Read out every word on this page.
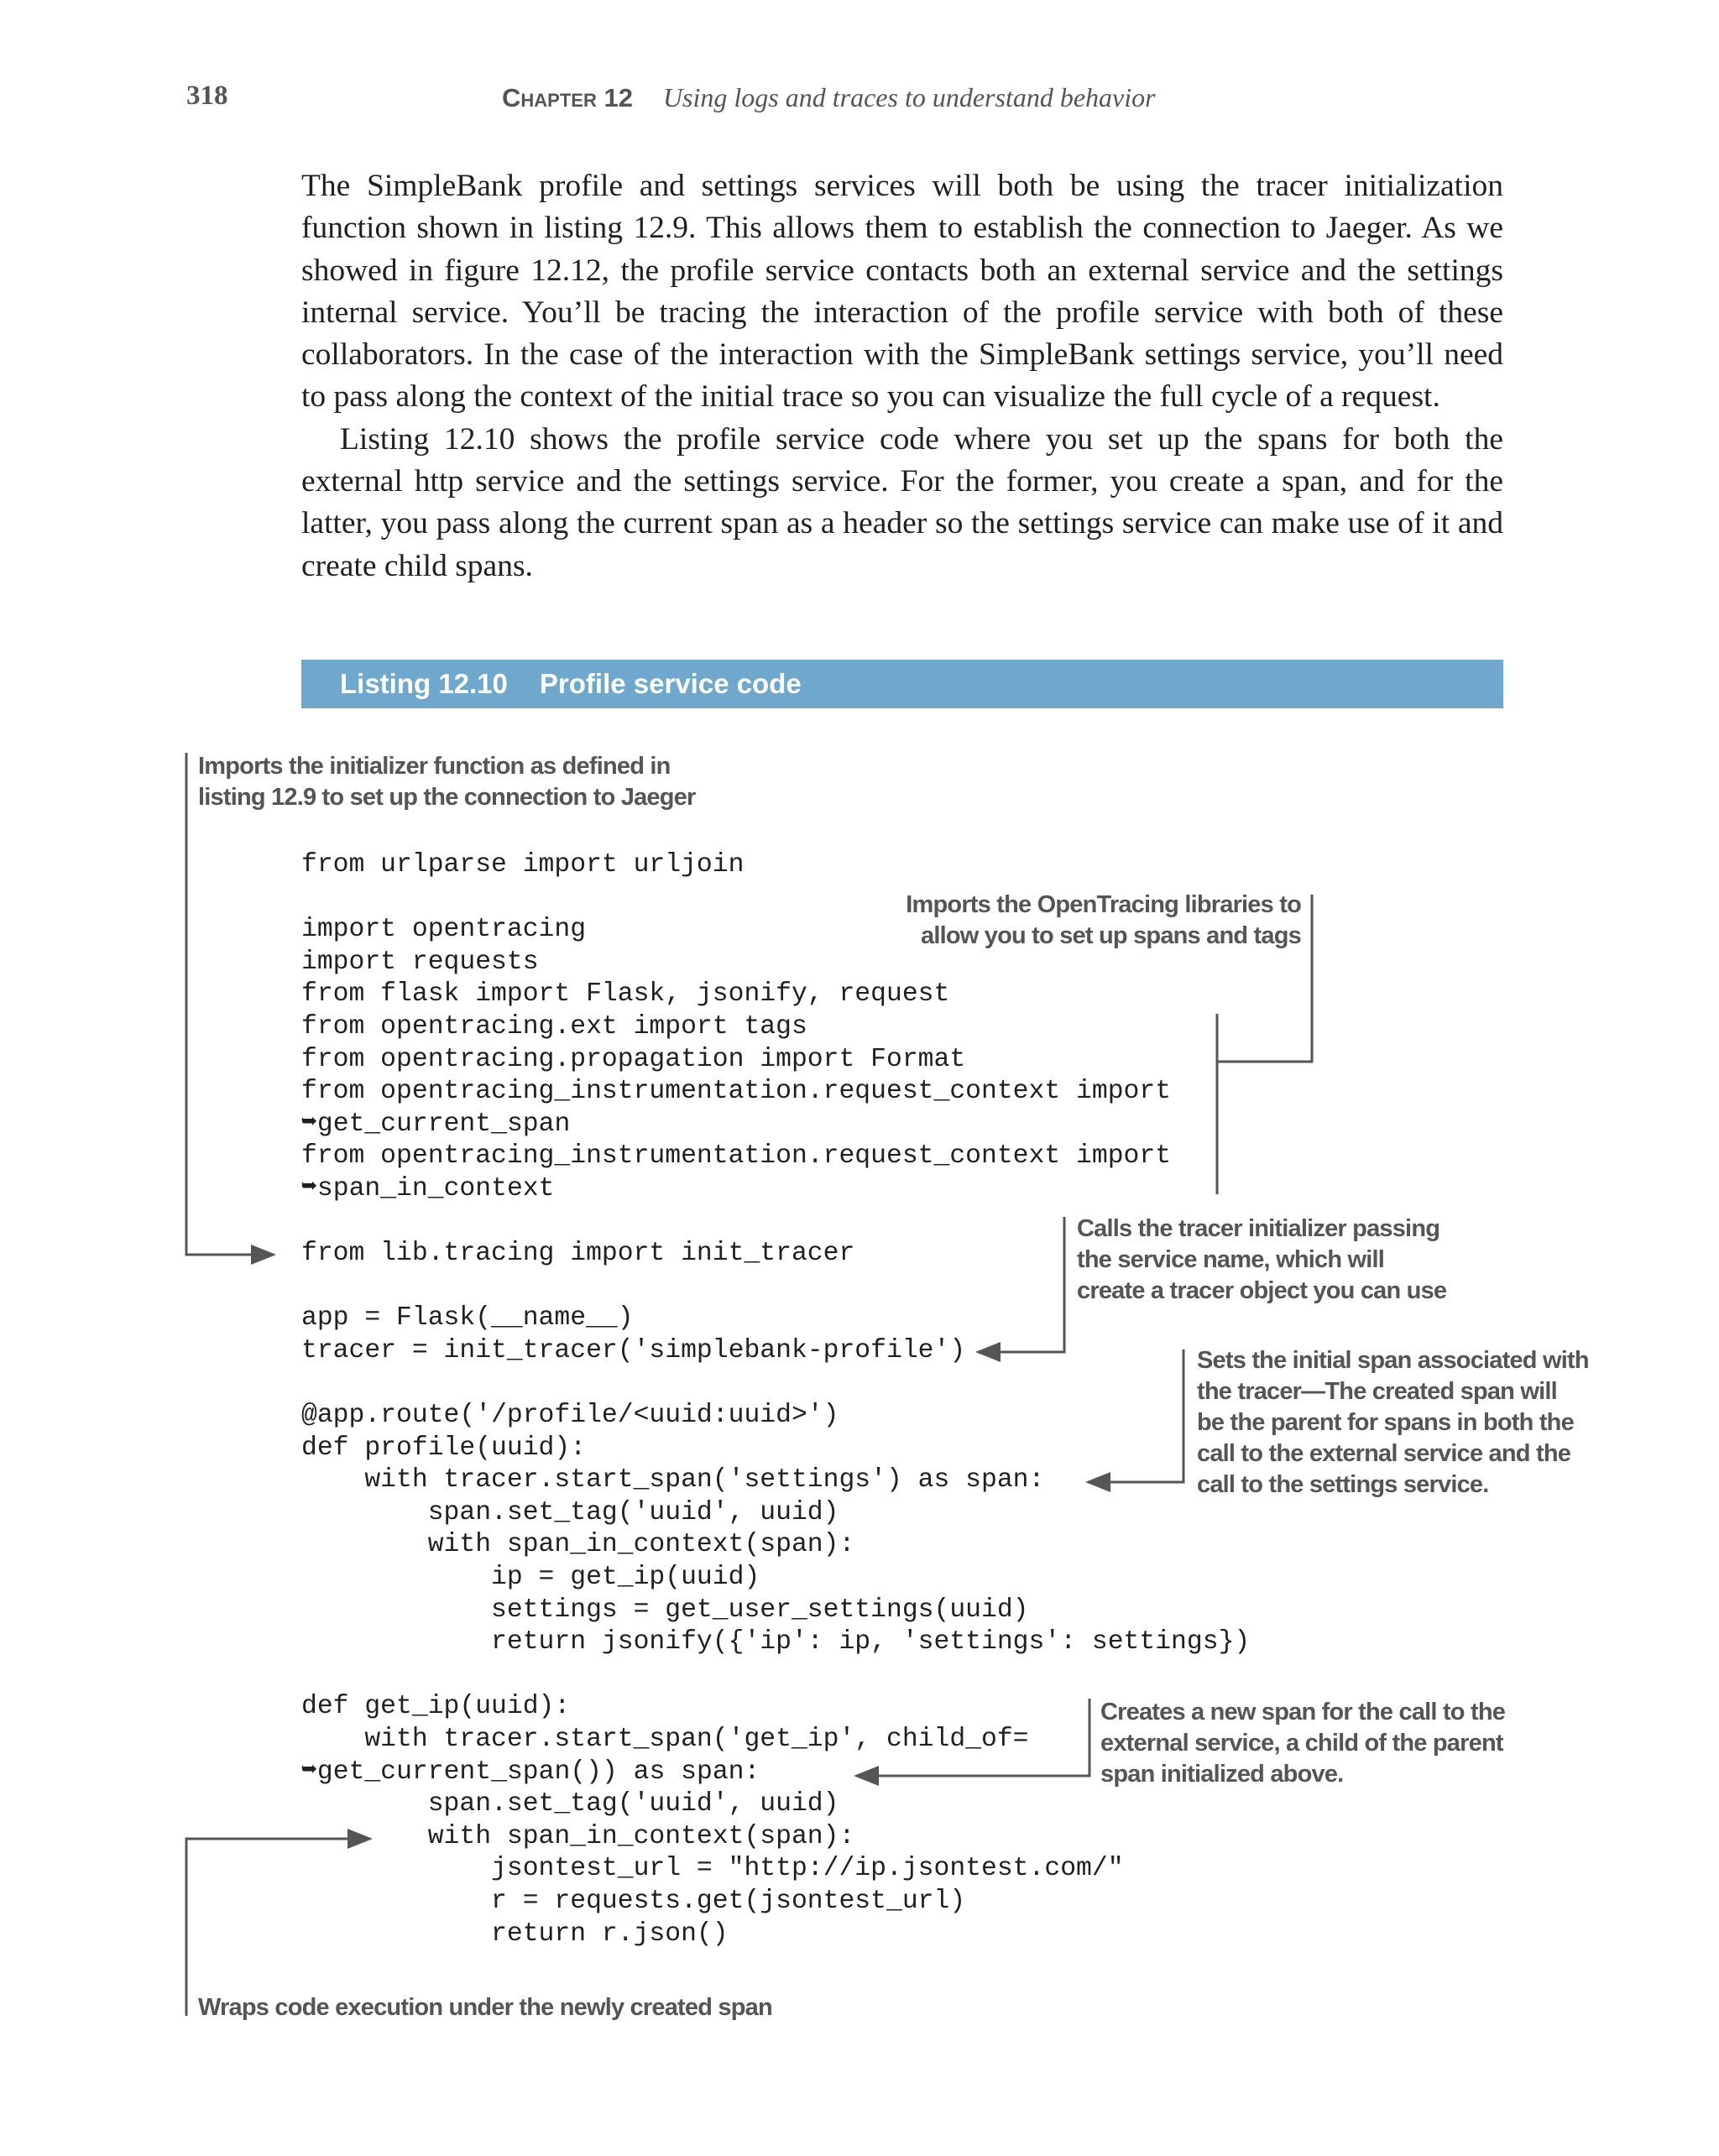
318	Chapter 12 Using logs and traces to understand behavior

The SimpleBank profile and settings services will both be using the tracer initialization function shown in listing 12.9. This allows them to establish the connection to Jaeger. As we showed in figure 12.12, the profile service contacts both an external service and the settings internal service. You’ll be tracing the interaction of the profile service with both of these collaborators. In the case of the interaction with the SimpleBank settings service, you’ll need to pass along the context of the initial trace so you can visualize the full cycle of a request.

Listing 12.10 shows the profile service code where you set up the spans for both the external http service and the settings service. For the former, you create a span, and for the latter, you pass along the current span as a header so the settings service can make use of it and create child spans.

Listing 12.10 Profile service code
from urlparse import urljoin

import opentracing
import requests
from flask import Flask, jsonify, request
from opentracing.ext import tags
from opentracing.propagation import Format
from opentracing_instrumentation.request_context import
➥get_current_span
from opentracing_instrumentation.request_context import
➥span_in_context

from lib.tracing import init_tracer

app = Flask(__name__)
tracer = init_tracer('simplebank-profile')

@app.route('/profile/<uuid:uuid>')
def profile(uuid):
with tracer.start_span('settings') as span:
span.set_tag('uuid', uuid)
with span_in_context(span):
ip = get_ip(uuid)
settings = get_user_settings(uuid)
return jsonify({'ip': ip, 'settings': settings})

def get_ip(uuid):
with tracer.start_span('get_ip', child_of=
➥get_current_span()) as span:
span.set_tag('uuid', uuid)
with span_in_context(span):
jsontest_url = "http://ip.jsontest.com/"
r = requests.get(jsontest_url)
return r.json()
Imports the initializer function as defined in
listing 12.9 to set up the connection to Jaeger
Imports the OpenTracing libraries to
allow you to set up spans and tags
Calls the tracer initializer passing
the service name, which will
create a tracer object you can use
Sets the initial span associated with
the tracer—The created span will
be the parent for spans in both the
call to the external service and the
call to the settings service.
Creates a new span for the call to the
external service, a child of the parent
span initialized above.
Wraps code execution under the newly created span
